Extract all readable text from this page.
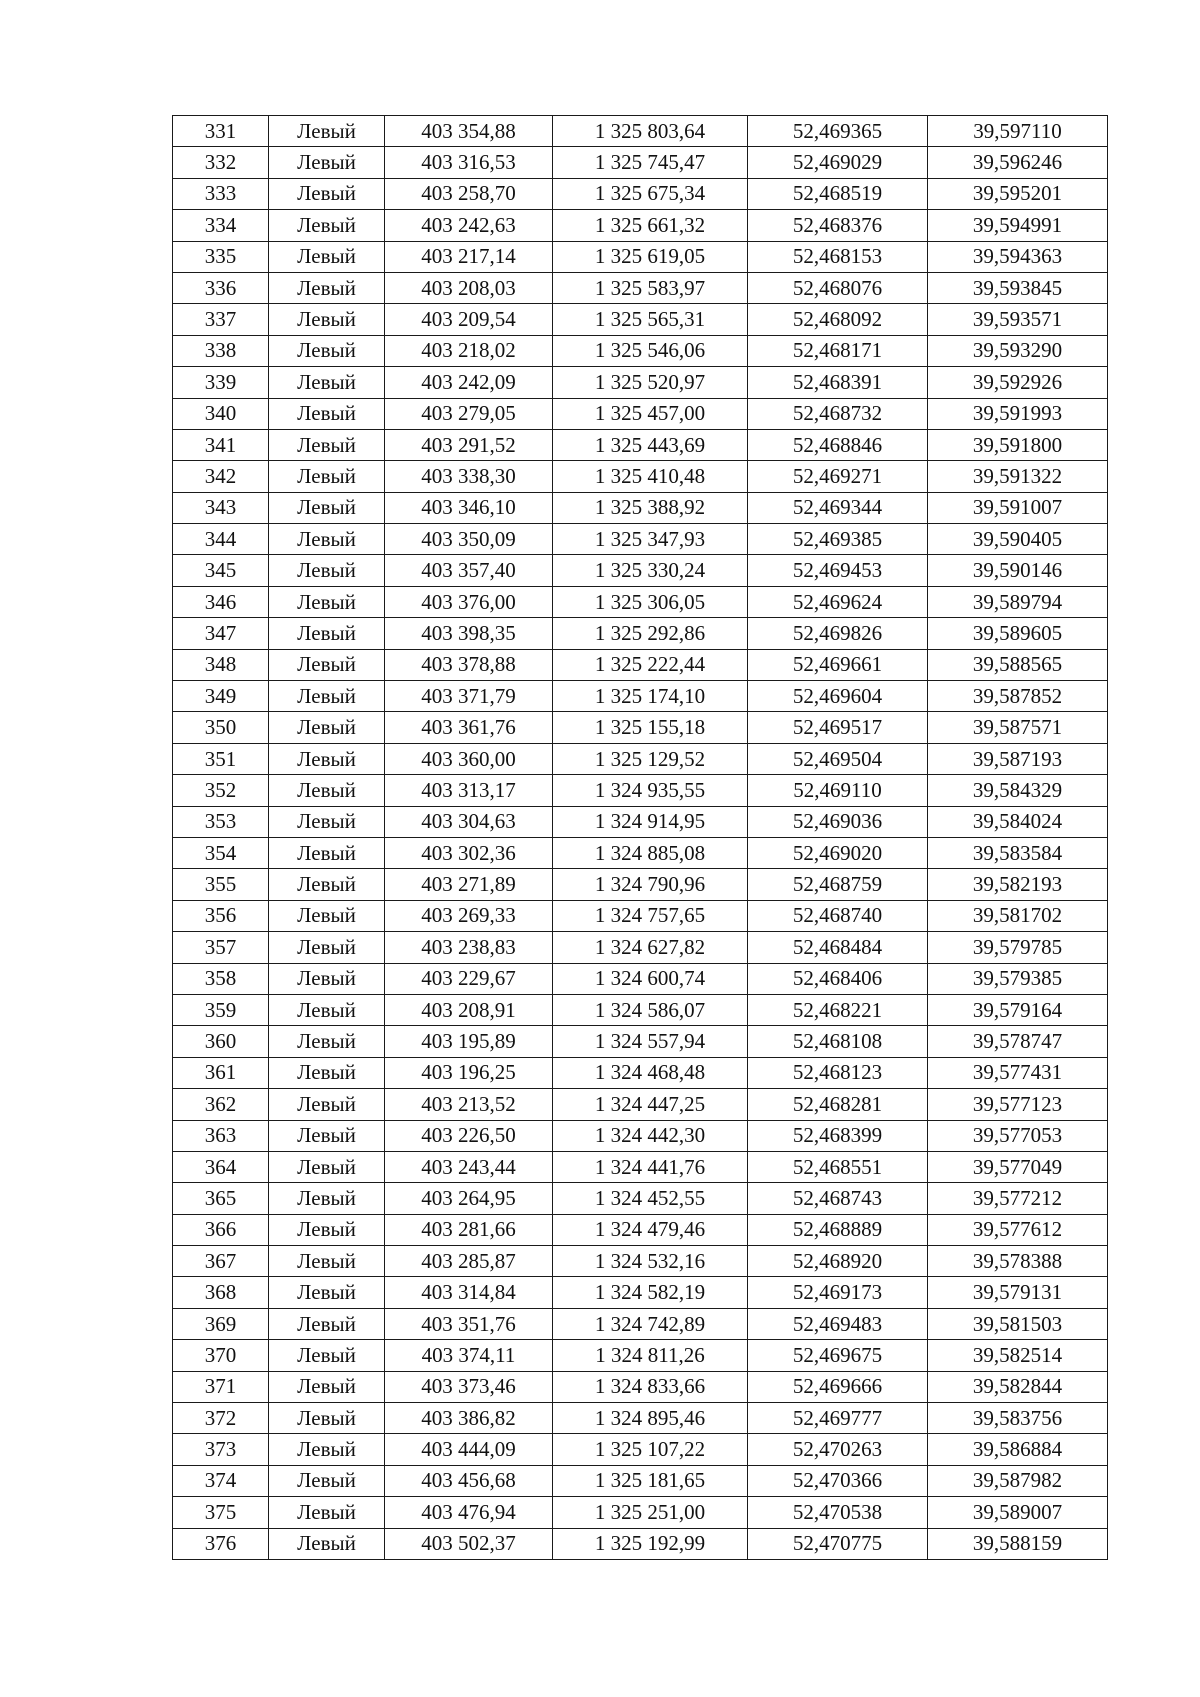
331	Левый	403 354,88	1 325 803,64	52,469365	39,597110
332	Левый	403 316,53	1 325 745,47	52,469029	39,596246
333	Левый	403 258,70	1 325 675,34	52,468519	39,595201
334	Левый	403 242,63	1 325 661,32	52,468376	39,594991
335	Левый	403 217,14	1 325 619,05	52,468153	39,594363
336	Левый	403 208,03	1 325 583,97	52,468076	39,593845
337	Левый	403 209,54	1 325 565,31	52,468092	39,593571
338	Левый	403 218,02	1 325 546,06	52,468171	39,593290
339	Левый	403 242,09	1 325 520,97	52,468391	39,592926
340	Левый	403 279,05	1 325 457,00	52,468732	39,591993
341	Левый	403 291,52	1 325 443,69	52,468846	39,591800
342	Левый	403 338,30	1 325 410,48	52,469271	39,591322
343	Левый	403 346,10	1 325 388,92	52,469344	39,591007
344	Левый	403 350,09	1 325 347,93	52,469385	39,590405
345	Левый	403 357,40	1 325 330,24	52,469453	39,590146
346	Левый	403 376,00	1 325 306,05	52,469624	39,589794
347	Левый	403 398,35	1 325 292,86	52,469826	39,589605
348	Левый	403 378,88	1 325 222,44	52,469661	39,588565
349	Левый	403 371,79	1 325 174,10	52,469604	39,587852
350	Левый	403 361,76	1 325 155,18	52,469517	39,587571
351	Левый	403 360,00	1 325 129,52	52,469504	39,587193
352	Левый	403 313,17	1 324 935,55	52,469110	39,584329
353	Левый	403 304,63	1 324 914,95	52,469036	39,584024
354	Левый	403 302,36	1 324 885,08	52,469020	39,583584
355	Левый	403 271,89	1 324 790,96	52,468759	39,582193
356	Левый	403 269,33	1 324 757,65	52,468740	39,581702
357	Левый	403 238,83	1 324 627,82	52,468484	39,579785
358	Левый	403 229,67	1 324 600,74	52,468406	39,579385
359	Левый	403 208,91	1 324 586,07	52,468221	39,579164
360	Левый	403 195,89	1 324 557,94	52,468108	39,578747
361	Левый	403 196,25	1 324 468,48	52,468123	39,577431
362	Левый	403 213,52	1 324 447,25	52,468281	39,577123
363	Левый	403 226,50	1 324 442,30	52,468399	39,577053
364	Левый	403 243,44	1 324 441,76	52,468551	39,577049
365	Левый	403 264,95	1 324 452,55	52,468743	39,577212
366	Левый	403 281,66	1 324 479,46	52,468889	39,577612
367	Левый	403 285,87	1 324 532,16	52,468920	39,578388
368	Левый	403 314,84	1 324 582,19	52,469173	39,579131
369	Левый	403 351,76	1 324 742,89	52,469483	39,581503
370	Левый	403 374,11	1 324 811,26	52,469675	39,582514
371	Левый	403 373,46	1 324 833,66	52,469666	39,582844
372	Левый	403 386,82	1 324 895,46	52,469777	39,583756
373	Левый	403 444,09	1 325 107,22	52,470263	39,586884
374	Левый	403 456,68	1 325 181,65	52,470366	39,587982
375	Левый	403 476,94	1 325 251,00	52,470538	39,589007
376	Левый	403 502,37	1 325 192,99	52,470775	39,588159
